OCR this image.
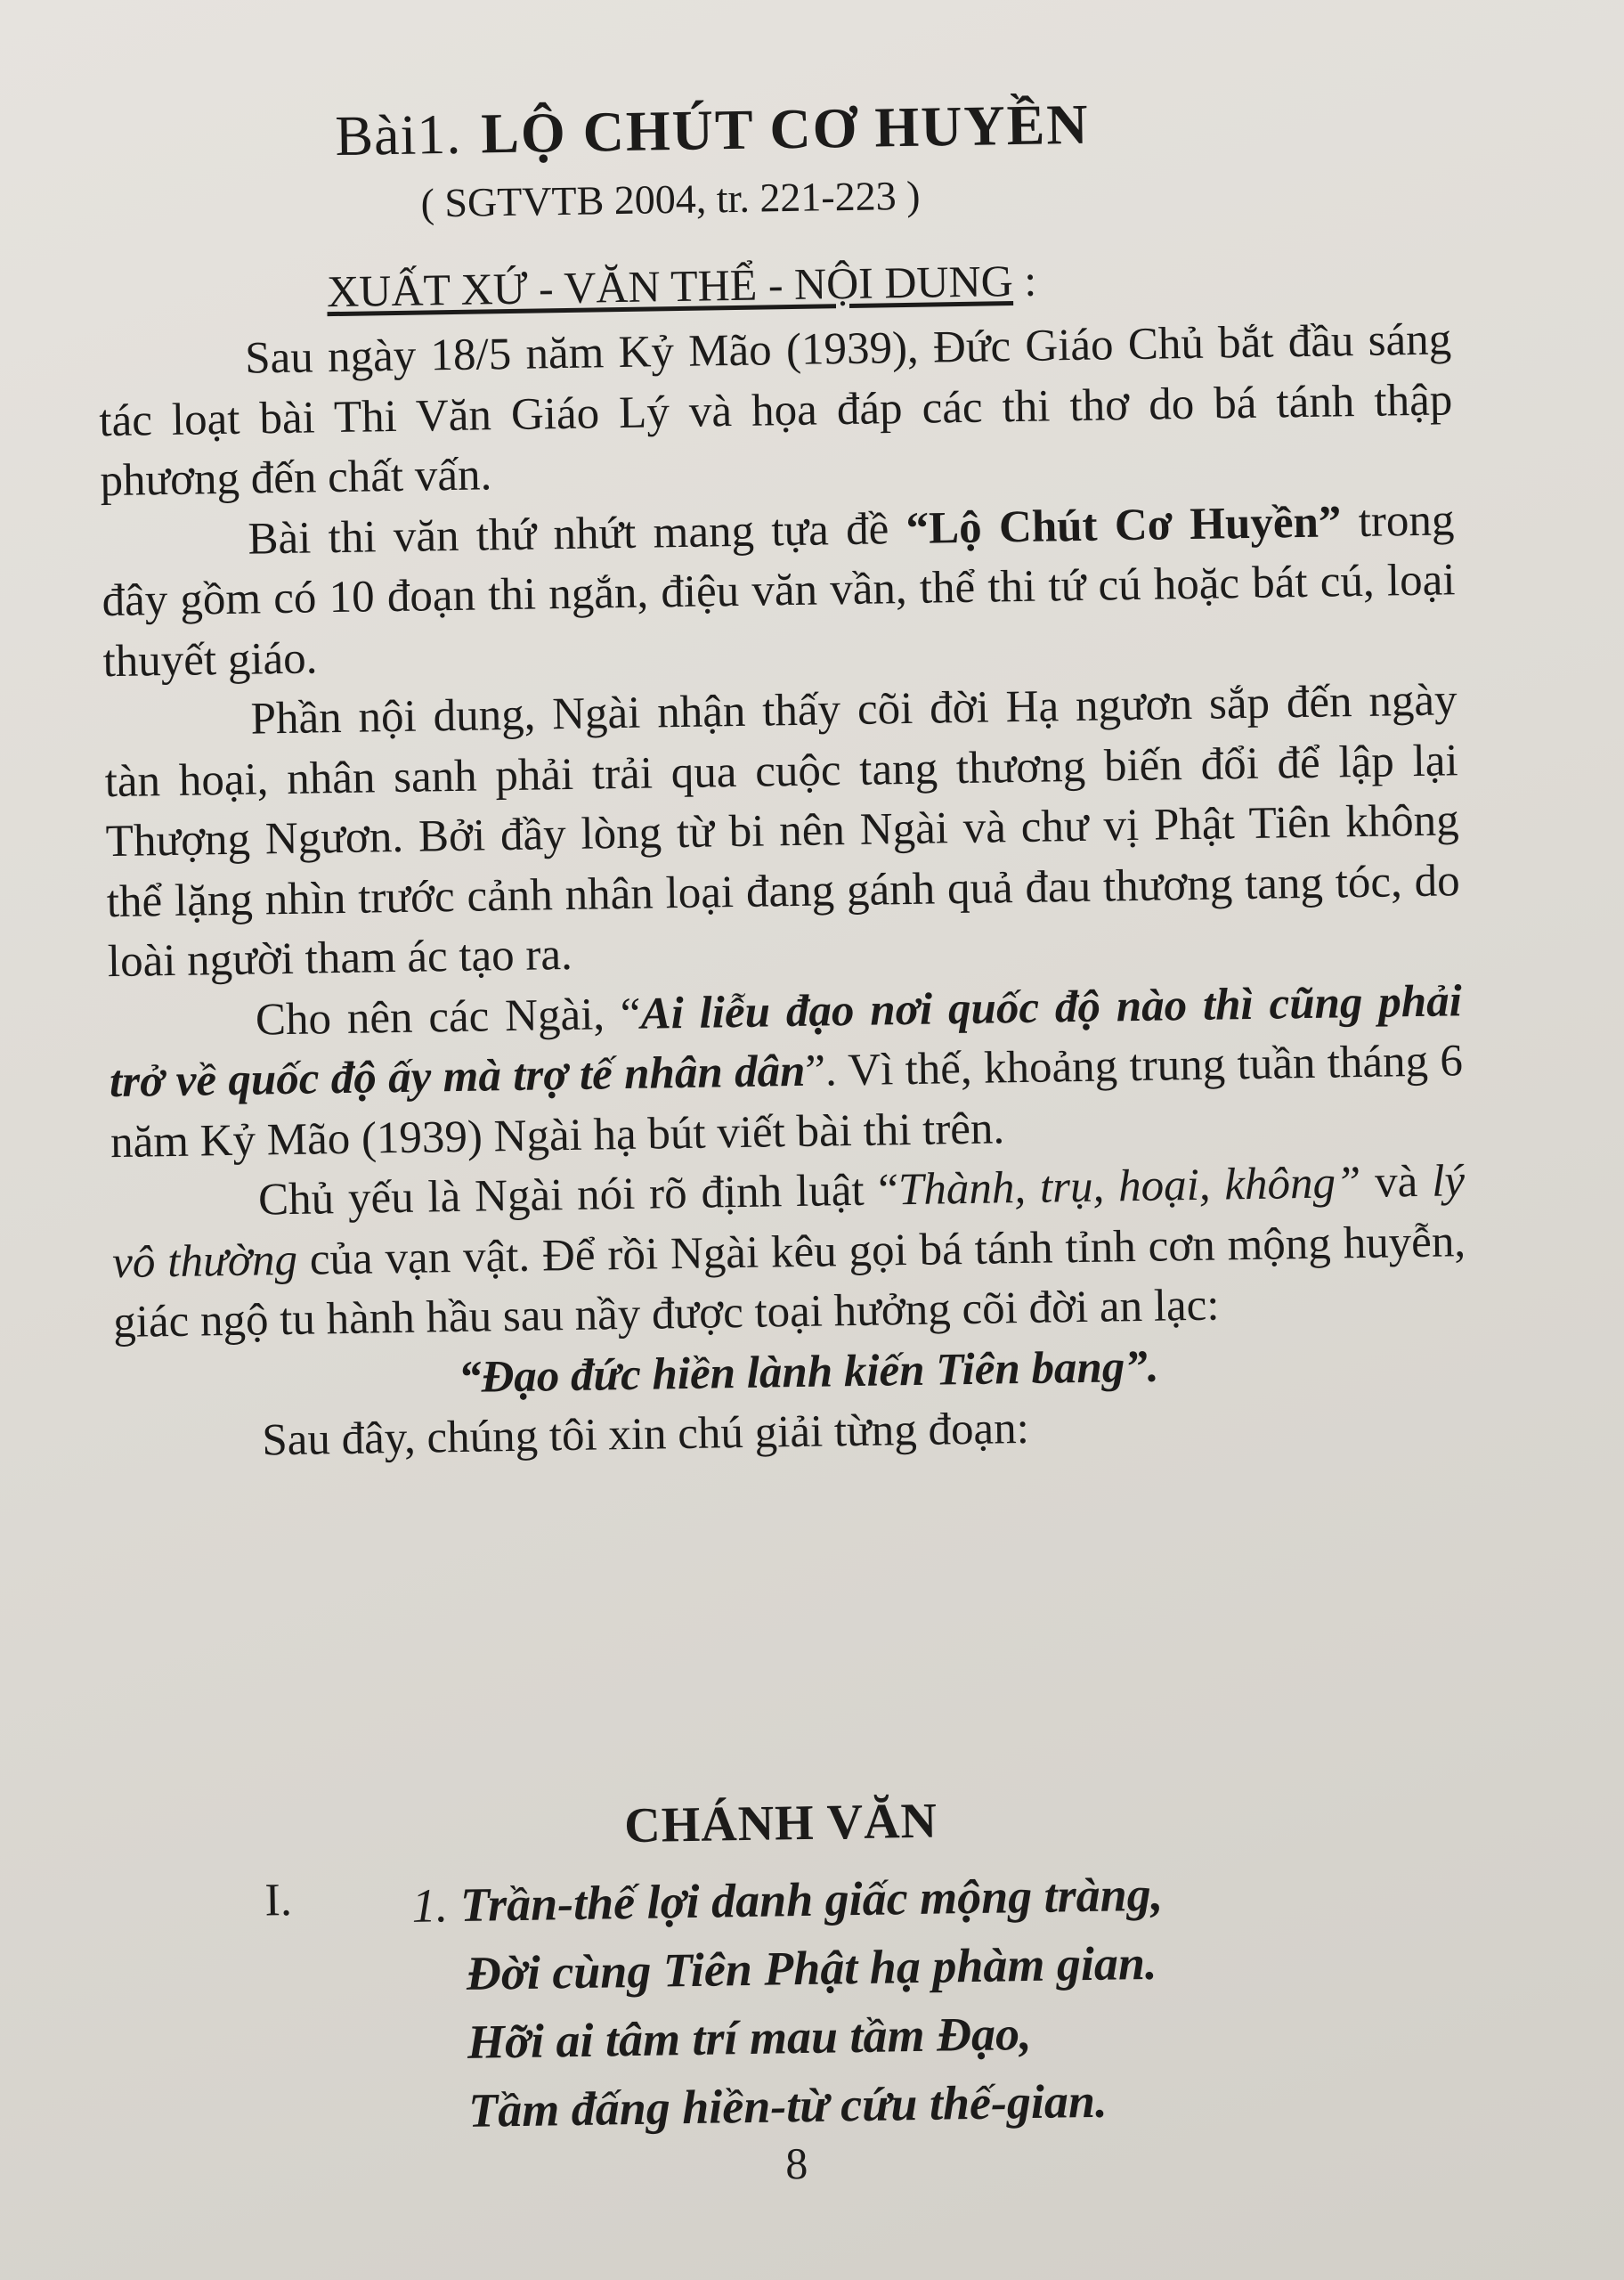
Bài1. LỘ CHÚT CƠ HUYỀN
( SGTVTB 2004, tr. 221-223 )
XUẤT XỨ - VĂN THỂ - NỘI DUNG :

Sau ngày 18/5 năm Kỷ Mão (1939), Đức Giáo Chủ bắt đầu sáng tác loạt bài Thi Văn Giáo Lý và họa đáp các thi thơ do bá tánh thập phương đến chất vấn.

Bài thi văn thứ nhứt mang tựa đề “Lộ Chút Cơ Huyền” trong đây gồm có 10 đoạn thi ngắn, điệu văn vần, thể thi tứ cú hoặc bát cú, loại thuyết giáo.

Phần nội dung, Ngài nhận thấy cõi đời Hạ ngươn sắp đến ngày tàn hoại, nhân sanh phải trải qua cuộc tang thương biến đổi để lập lại Thượng Ngươn. Bởi đầy lòng từ bi nên Ngài và chư vị Phật Tiên không thể lặng nhìn trước cảnh nhân loại đang gánh quả đau thương tang tóc, do loài người tham ác tạo ra.

Cho nên các Ngài, “Ai liễu đạo nơi quốc độ nào thì cũng phải trở về quốc độ ấy mà trợ tế nhân dân”. Vì thế, khoảng trung tuần tháng 6 năm Kỷ Mão (1939) Ngài hạ bút viết bài thi trên.

Chủ yếu là Ngài nói rõ định luật “Thành, trụ, hoại, không” và lý vô thường của vạn vật. Để rồi Ngài kêu gọi bá tánh tỉnh cơn mộng huyễn, giác ngộ tu hành hầu sau nầy được toại hưởng cõi đời an lạc:

“Đạo đức hiền lành kiến Tiên bang”.

Sau đây, chúng tôi xin chú giải từng đoạn:

CHÁNH VĂN
I. 1. Trần-thế lợi danh giấc mộng tràng,
Đời cùng Tiên Phật hạ phàm gian.
Hỡi ai tâm trí mau tầm Đạo,
Tầm đấng hiền-từ cứu thế-gian.
8
